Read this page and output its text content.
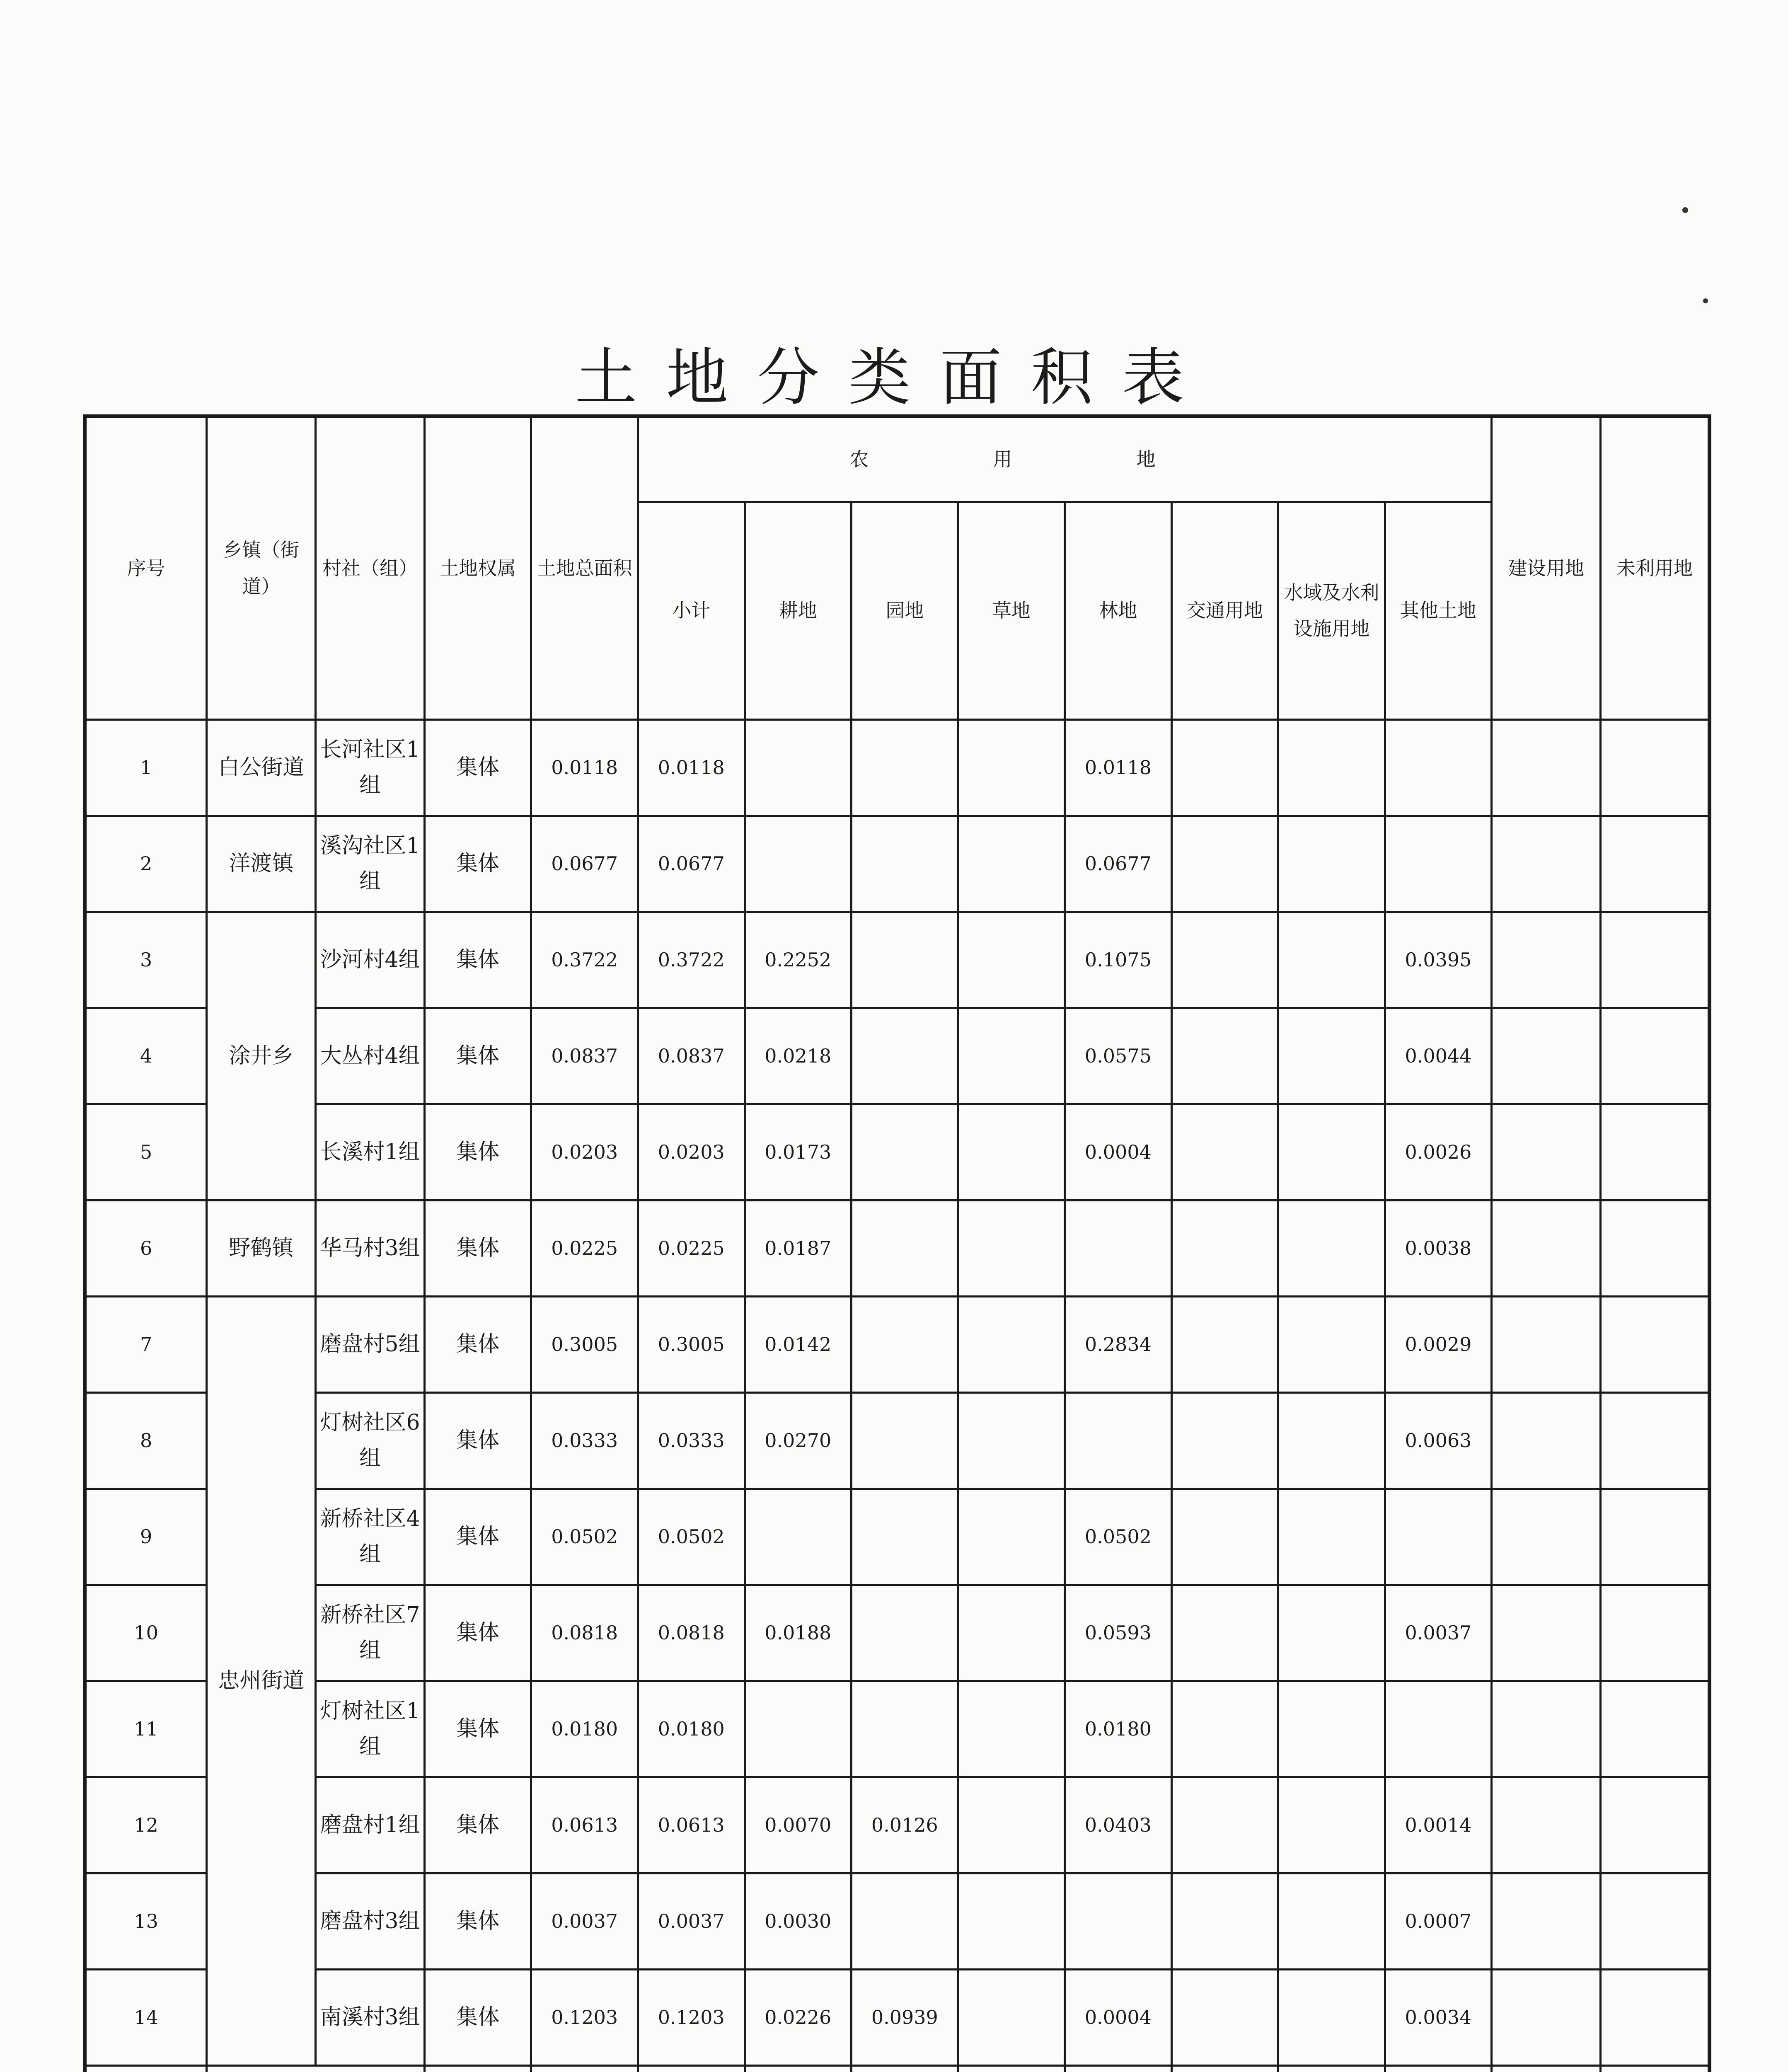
土地分类面积表
序号	乡镇（街道）	村社（组）	土地权属	土地总面积	农用地								建设用地	未利用地
					小计	耕地	园地	草地	林地	交通用地	水域及水利设施用地	其他土地		
1	白公街道	长河社区1组	集体	0.0118	0.0118				0.0118					
2	洋渡镇	溪沟社区1组	集体	0.0677	0.0677				0.0677					
3	涂井乡	沙河村4组	集体	0.3722	0.3722	0.2252			0.1075			0.0395		
4		大丛村4组	集体	0.0837	0.0837	0.0218			0.0575			0.0044		
5		长溪村1组	集体	0.0203	0.0203	0.0173			0.0004			0.0026		
6	野鹤镇	华马村3组	集体	0.0225	0.0225	0.0187						0.0038		
7	忠州街道	磨盘村5组	集体	0.3005	0.3005	0.0142			0.2834			0.0029		
8		灯树社区6组	集体	0.0333	0.0333	0.0270						0.0063		
9		新桥社区4组	集体	0.0502	0.0502				0.0502					
10		新桥社区7组	集体	0.0818	0.0818	0.0188			0.0593			0.0037		
11		灯树社区1组	集体	0.0180	0.0180				0.0180					
12		磨盘村1组	集体	0.0613	0.0613	0.0070	0.0126		0.0403			0.0014		
13		磨盘村3组	集体	0.0037	0.0037	0.0030						0.0007		
14		南溪村3组	集体	0.1203	0.1203	0.0226	0.0939		0.0004			0.0034		
